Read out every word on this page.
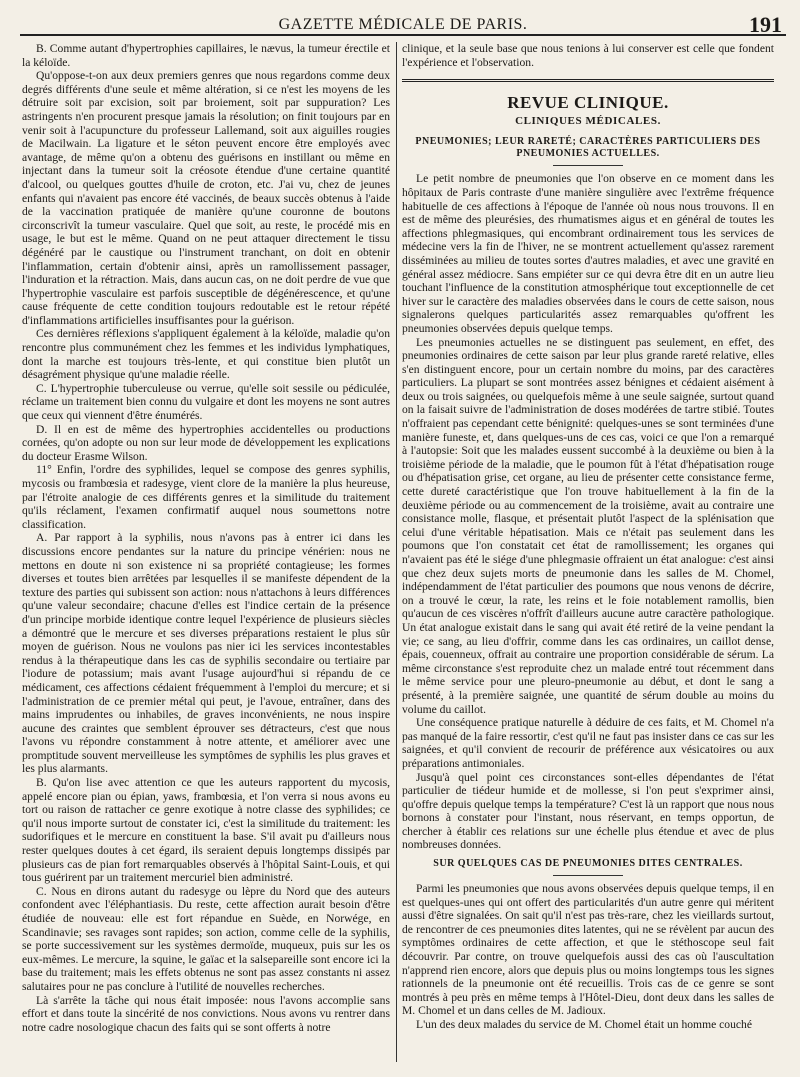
GAZETTE MÉDICALE DE PARIS.	191

B. Comme autant d'hypertrophies capillaires, le nævus, la tumeur érectile et la kéloïde.

Qu'oppose-t-on aux deux premiers genres que nous regardons comme deux degrés différents d'une seule et même altération, si ce n'est les moyens de les détruire soit par excision, soit par broiement, soit par suppuration? Les astringents n'en procurent presque jamais la résolution; on finit toujours par en venir soit à l'acupuncture du professeur Lallemand, soit aux aiguilles rougies de Macilwain. La ligature et le séton peuvent encore être employés avec avantage, de même qu'on a obtenu des guérisons en instillant ou même en injectant dans la tumeur soit la créosote étendue d'une certaine quantité d'alcool, ou quelques gouttes d'huile de croton, etc. J'ai vu, chez de jeunes enfants qui n'avaient pas encore été vaccinés, de beaux succès obtenus à l'aide de la vaccination pratiquée de manière qu'une couronne de boutons circonscrivît la tumeur vasculaire. Quel que soit, au reste, le procédé mis en usage, le but est le même. Quand on ne peut attaquer directement le tissu dégénéré par le caustique ou l'instrument tranchant, on doit en obtenir l'inflammation, certain d'obtenir ainsi, après un ramollissement passager, l'induration et la rétraction. Mais, dans aucun cas, on ne doit perdre de vue que l'hypertrophie vasculaire est parfois susceptible de dégénérescence, et qu'une cause fréquente de cette condition toujours redoutable est le retour répété d'inflammations artificielles insuffisantes pour la guérison.

Ces dernières réflexions s'appliquent également à la kéloïde, maladie qu'on rencontre plus communément chez les femmes et les individus lymphatiques, dont la marche est toujours très-lente, et qui constitue bien plutôt un désagrément physique qu'une maladie réelle.

C. L'hypertrophie tuberculeuse ou verrue, qu'elle soit sessile ou pédiculée, réclame un traitement bien connu du vulgaire et dont les moyens ne sont autres que ceux qui viennent d'être énumérés.

D. Il en est de même des hypertrophies accidentelles ou productions cornées, qu'on adopte ou non sur leur mode de développement les explications du docteur Erasme Wilson.

11° Enfin, l'ordre des syphilides, lequel se compose des genres syphilis, mycosis ou frambœsia et radesyge, vient clore de la manière la plus heureuse, par l'étroite analogie de ces différents genres et la similitude du traitement qu'ils réclament, l'examen confirmatif auquel nous soumettons notre classification.

A. Par rapport à la syphilis, nous n'avons pas à entrer ici dans les discussions encore pendantes sur la nature du principe vénérien: nous ne mettons en doute ni son existence ni sa propriété contagieuse; les formes diverses et toutes bien arrêtées par lesquelles il se manifeste dépendent de la texture des parties qui subissent son action: nous n'attachons à leurs différences qu'une valeur secondaire; chacune d'elles est l'indice certain de la présence d'un principe morbide identique contre lequel l'expérience de plusieurs siècles a démontré que le mercure et ses diverses préparations restaient le plus sûr moyen de guérison. Nous ne voulons pas nier ici les services incontestables rendus à la thérapeutique dans les cas de syphilis secondaire ou tertiaire par l'iodure de potassium; mais avant l'usage aujourd'hui si répandu de ce médicament, ces affections cédaient fréquemment à l'emploi du mercure; et si l'administration de ce premier métal qui peut, je l'avoue, entraîner, dans des mains imprudentes ou inhabiles, de graves inconvénients, ne nous inspire aucune des craintes que semblent éprouver ses détracteurs, c'est que nous l'avons vu répondre constamment à notre attente, et améliorer avec une promptitude souvent merveilleuse les symptômes de syphilis les plus graves et les plus alarmants.

B. Qu'on lise avec attention ce que les auteurs rapportent du mycosis, appelé encore pian ou épian, yaws, frambœsia, et l'on verra si nous avons eu tort ou raison de rattacher ce genre exotique à notre classe des syphilides; ce qu'il nous importe surtout de constater ici, c'est la similitude du traitement: les sudorifiques et le mercure en constituent la base. S'il avait pu d'ailleurs nous rester quelques doutes à cet égard, ils seraient depuis longtemps dissipés par plusieurs cas de pian fort remarquables observés à l'hôpital Saint-Louis, et qui tous guérirent par un traitement mercuriel bien administré.

C. Nous en dirons autant du radesyge ou lèpre du Nord que des auteurs confondent avec l'éléphantiasis. Du reste, cette affection aurait besoin d'être étudiée de nouveau: elle est fort répandue en Suède, en Norwége, en Scandinavie; ses ravages sont rapides; son action, comme celle de la syphilis, se porte successivement sur les systèmes dermoïde, muqueux, puis sur les os eux-mêmes. Le mercure, la squine, le gaïac et la salsepareille sont encore ici la base du traitement; mais les effets obtenus ne sont pas assez constants ni assez salutaires pour ne pas conclure à l'utilité de nouvelles recherches.

Là s'arrête la tâche qui nous était imposée: nous l'avons accomplie sans effort et dans toute la sincérité de nos convictions. Nous avons vu rentrer dans notre cadre nosologique chacun des faits qui se sont offerts à notre

clinique, et la seule base que nous tenions à lui conserver est celle que fondent l'expérience et l'observation.

REVUE CLINIQUE.
CLINIQUES MÉDICALES.
PNEUMONIES; LEUR RARETÉ; CARACTÈRES PARTICULIERS DES PNEUMONIES ACTUELLES.

Le petit nombre de pneumonies que l'on observe en ce moment dans les hôpitaux de Paris contraste d'une manière singulière avec l'extrême fréquence habituelle de ces affections à l'époque de l'année où nous nous trouvons. Il en est de même des pleurésies, des rhumatismes aigus et en général de toutes les affections phlegmasiques, qui encombrant ordinairement tous les services de médecine vers la fin de l'hiver, ne se montrent actuellement qu'assez rarement disséminées au milieu de toutes sortes d'autres maladies, et avec une gravité en général assez médiocre. Sans empiéter sur ce qui devra être dit en un autre lieu touchant l'influence de la constitution atmosphérique tout exceptionnelle de cet hiver sur le caractère des maladies observées dans le cours de cette saison, nous signalerons quelques particularités assez remarquables qu'offrent les pneumonies observées depuis quelque temps.

Les pneumonies actuelles ne se distinguent pas seulement, en effet, des pneumonies ordinaires de cette saison par leur plus grande rareté relative, elles s'en distinguent encore, pour un certain nombre du moins, par des caractères particuliers. La plupart se sont montrées assez bénignes et cédaient aisément à deux ou trois saignées, ou quelquefois même à une seule saignée, surtout quand on la faisait suivre de l'administration de doses modérées de tartre stibié. Toutes n'offraient pas cependant cette bénignité: quelques-unes se sont terminées d'une manière funeste, et, dans quelques-uns de ces cas, voici ce que l'on a remarqué à l'autopsie: Soit que les malades eussent succombé à la deuxième ou bien à la troisième période de la maladie, que le poumon fût à l'état d'hépatisation rouge ou d'hépatisation grise, cet organe, au lieu de présenter cette consistance ferme, cette dureté caractéristique que l'on trouve habituellement à la fin de la deuxième période ou au commencement de la troisième, avait au contraire une consistance molle, flasque, et présentait plutôt l'aspect de la splénisation que celui d'une véritable hépatisation. Mais ce n'était pas seulement dans les poumons que l'on constatait cet état de ramollissement; les organes qui n'avaient pas été le siége d'une phlegmasie offraient un état analogue: c'est ainsi que chez deux sujets morts de pneumonie dans les salles de M. Chomel, indépendamment de l'état particulier des poumons que nous venons de décrire, on a trouvé le cœur, la rate, les reins et le foie notablement ramollis, bien qu'aucun de ces viscères n'offrît d'ailleurs aucune autre caractère pathologique. Un état analogue existait dans le sang qui avait été retiré de la veine pendant la vie; ce sang, au lieu d'offrir, comme dans les cas ordinaires, un caillot dense, épais, couenneux, offrait au contraire une proportion considérable de sérum. La même circonstance s'est reproduite chez un malade entré tout récemment dans le même service pour une pleuro-pneumonie au début, et dont le sang a présenté, à la première saignée, une quantité de sérum double au moins du volume du caillot.

Une conséquence pratique naturelle à déduire de ces faits, et M. Chomel n'a pas manqué de la faire ressortir, c'est qu'il ne faut pas insister dans ce cas sur les saignées, et qu'il convient de recourir de préférence aux vésicatoires ou aux préparations antimoniales.

Jusqu'à quel point ces circonstances sont-elles dépendantes de l'état particulier de tiédeur humide et de mollesse, si l'on peut s'exprimer ainsi, qu'offre depuis quelque temps la température? C'est là un rapport que nous nous bornons à constater pour l'instant, nous réservant, en temps opportun, de chercher à établir ces relations sur une échelle plus étendue et avec de plus nombreuses données.

SUR QUELQUES CAS DE PNEUMONIES DITES CENTRALES.

Parmi les pneumonies que nous avons observées depuis quelque temps, il en est quelques-unes qui ont offert des particularités d'un autre genre qui méritent aussi d'être signalées. On sait qu'il n'est pas très-rare, chez les vieillards surtout, de rencontrer de ces pneumonies dites latentes, qui ne se révèlent par aucun des symptômes ordinaires de cette affection, et que le stéthoscope seul fait découvrir. Par contre, on trouve quelquefois aussi des cas où l'auscultation n'apprend rien encore, alors que depuis plus ou moins longtemps tous les signes rationnels de la pneumonie ont été recueillis. Trois cas de ce genre se sont montrés à peu près en même temps à l'Hôtel-Dieu, dont deux dans les salles de M. Chomel et un dans celles de M. Jadioux.

L'un des deux malades du service de M. Chomel était un homme couché
